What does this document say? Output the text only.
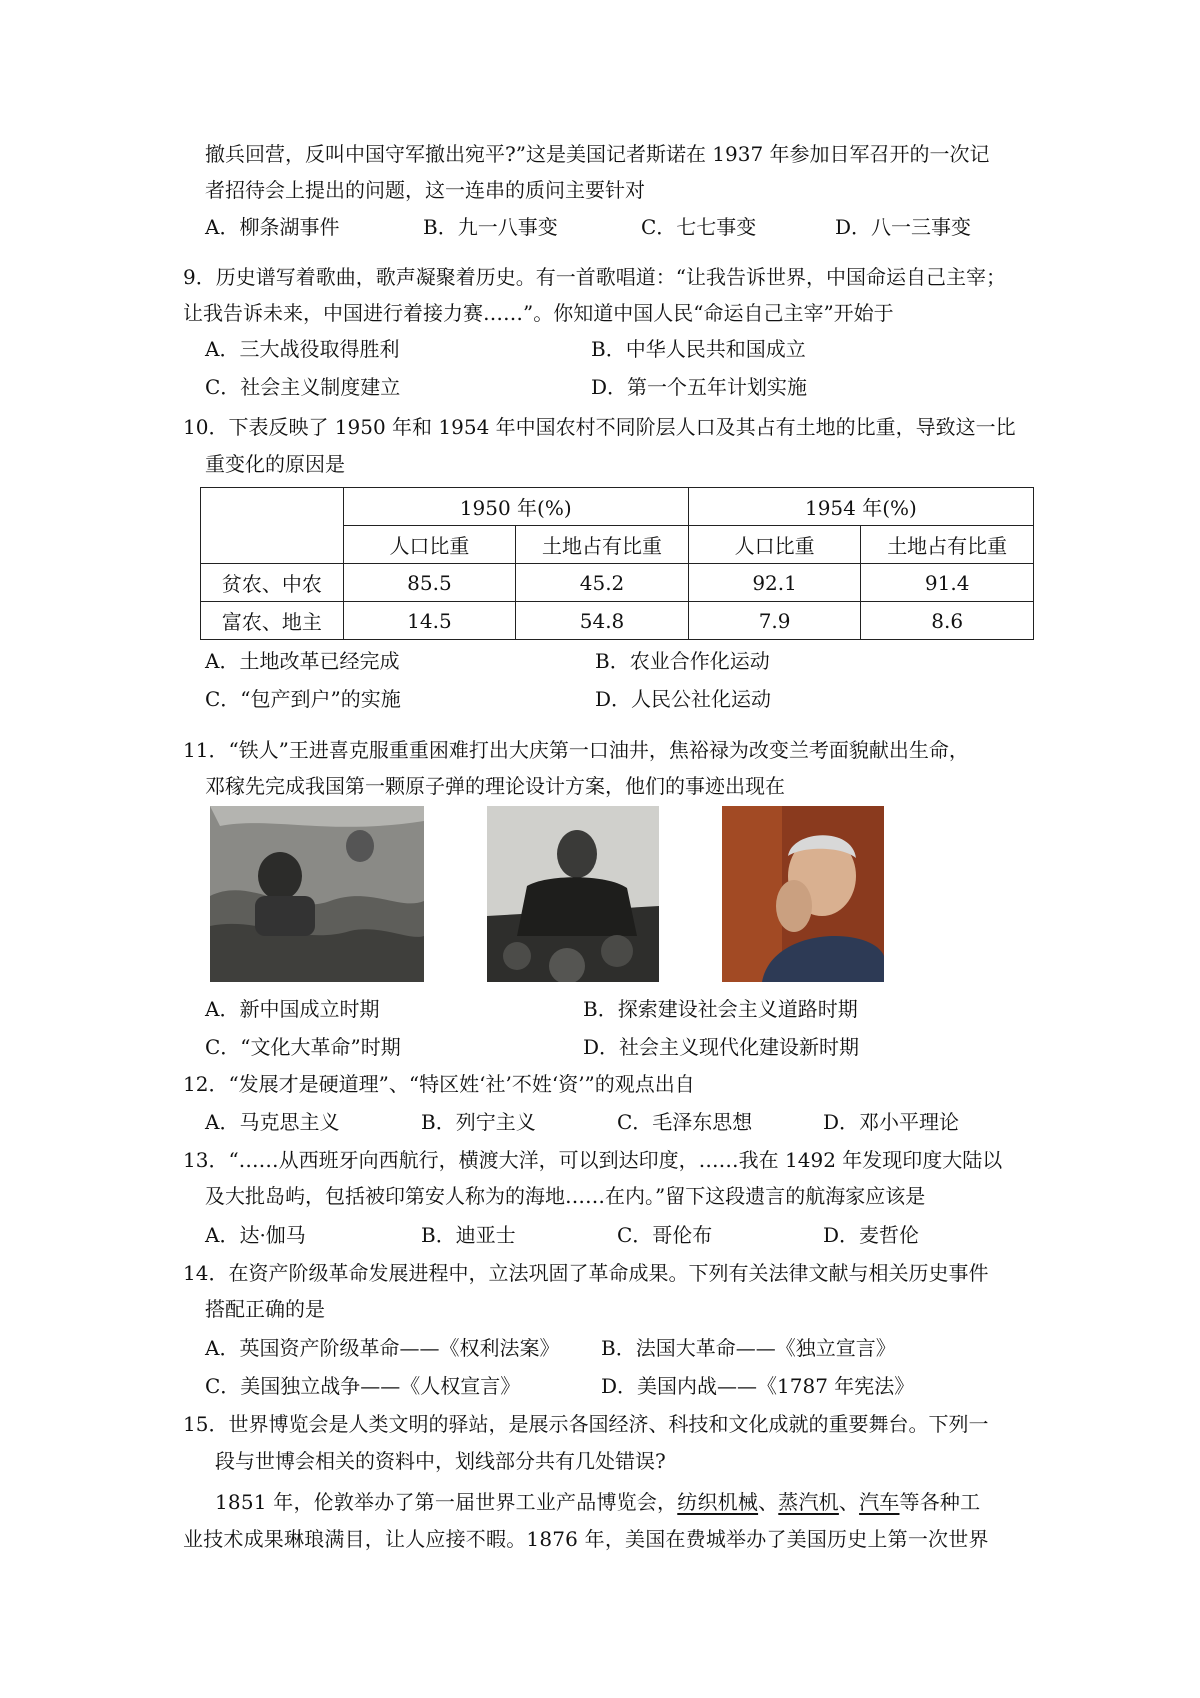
撤兵回营，反叫中国守军撤出宛平?”这是美国记者斯诺在 1937 年参加日军召开的一次记
者招待会上提出的问题，这一连串的质问主要针对
A．柳条湖事件	B．九一八事变	C．七七事变	D．八一三事变
9．历史谱写着歌曲，歌声凝聚着历史。有一首歌唱道：“让我告诉世界，中国命运自己主宰；
让我告诉未来，中国进行着接力赛……”。你知道中国人民“命运自己主宰”开始于
A．三大战役取得胜利	B．中华人民共和国成立
C．社会主义制度建立	D．第一个五年计划实施
10．下表反映了 1950 年和 1954 年中国农村不同阶层人口及其占有土地的比重，导致这一比
重变化的原因是
	1950 年(%)		1954 年(%)	
	人口比重	土地占有比重	人口比重	土地占有比重
贫农、中农	85.5	45.2	92.1	91.4
富农、地主	14.5	54.8	7.9	8.6
A．土地改革已经完成	B．农业合作化运动
C．“包产到户”的实施	D．人民公社化运动
11．“铁人”王进喜克服重重困难打出大庆第一口油井，焦裕禄为改变兰考面貌献出生命，
邓稼先完成我国第一颗原子弹的理论设计方案，他们的事迹出现在
A．新中国成立时期	B．探索建设社会主义道路时期
C．“文化大革命”时期	D．社会主义现代化建设新时期
12．“发展才是硬道理”、“特区姓‘社’不姓‘资’”的观点出自
A．马克思主义	B．列宁主义	C．毛泽东思想	D．邓小平理论
13．“……从西班牙向西航行，横渡大洋，可以到达印度，……我在 1492 年发现印度大陆以
及大批岛屿，包括被印第安人称为的海地……在内。”留下这段遗言的航海家应该是
A．达·伽马	B．迪亚士	C．哥伦布	D．麦哲伦
14．在资产阶级革命发展进程中，立法巩固了革命成果。下列有关法律文献与相关历史事件
搭配正确的是
A．英国资产阶级革命——《权利法案》 B．法国大革命——《独立宣言》
C．美国独立战争——《人权宣言》	D．美国内战——《1787 年宪法》
15．世界博览会是人类文明的驿站，是展示各国经济、科技和文化成就的重要舞台。下列一
段与世博会相关的资料中，划线部分共有几处错误?
1851 年，伦敦举办了第一届世界工业产品博览会，纺织机械、蒸汽机、汽车等各种工
业技术成果琳琅满目，让人应接不暇。1876 年，美国在费城举办了美国历史上第一次世界
